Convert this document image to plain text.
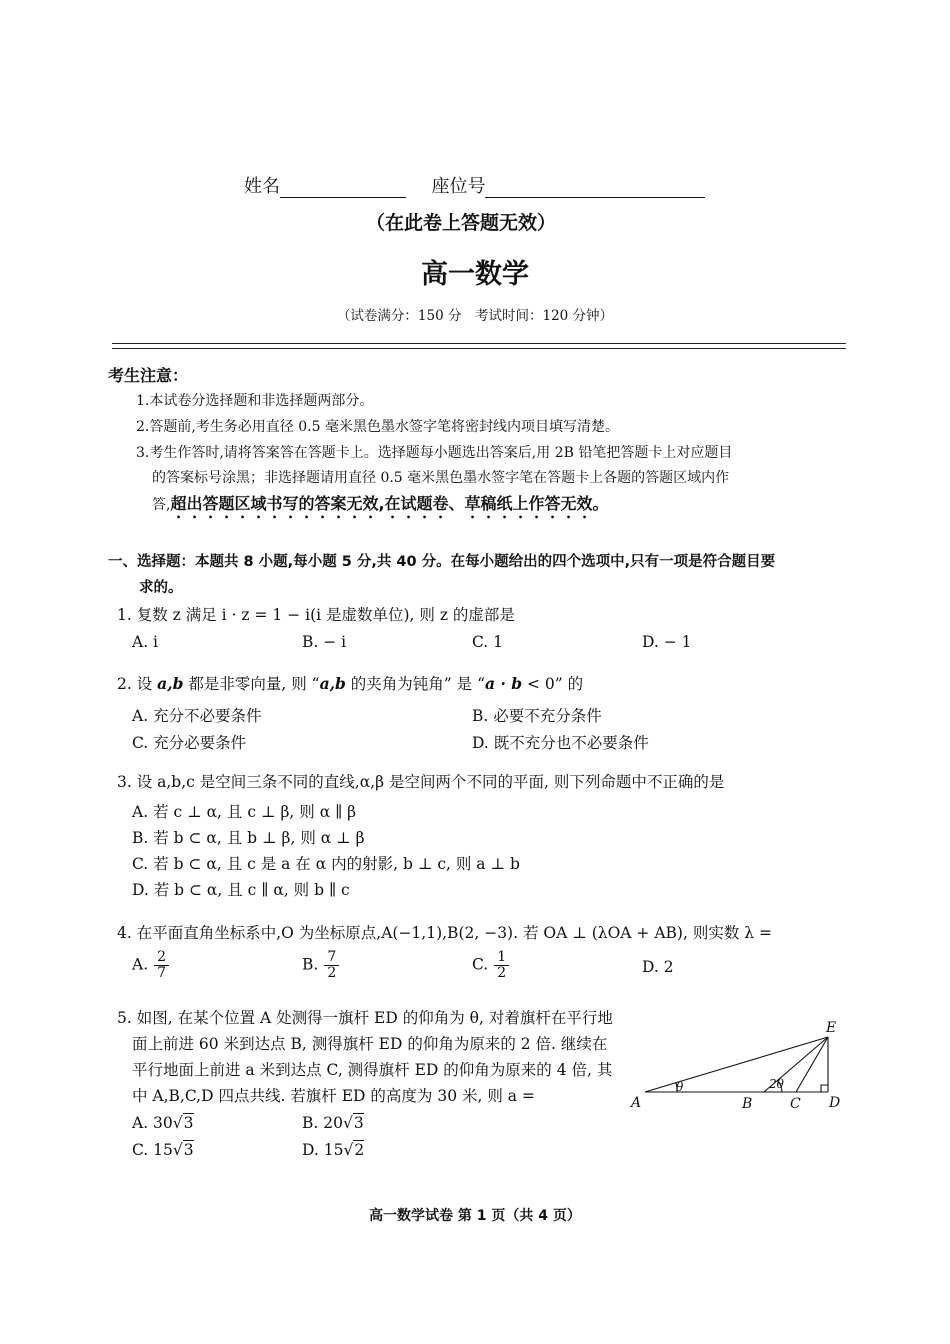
姓名	座位号
（在此卷上答题无效）
高一数学
（试卷满分：150 分　考试时间：120 分钟）
考生注意：
1.本试卷分选择题和非选择题两部分。
2.答题前,考生务必用直径 0.5 毫米黑色墨水签字笔将密封线内项目填写清楚。
3.考生作答时,请将答案答在答题卡上。选择题每小题选出答案后,用 2B 铅笔把答题卡上对应题目
的答案标号涂黑；非选择题请用直径 0.5 毫米黑色墨水签字笔在答题卡上各题的答题区域内作
答,超出答题区域书写的答案无效,在试题卷、草稿纸上作答无效。
一、选择题：本题共 8 小题,每小题 5 分,共 40 分。在每小题给出的四个选项中,只有一项是符合题目要
求的。
1. 复数 z 满足 i · z = 1 − i(i 是虚数单位), 则 z 的虚部是
A. i	B. − i	C. 1	D. − 1
2. 设 a,b 都是非零向量, 则 “a,b 的夹角为钝角” 是 “a · b < 0” 的
A. 充分不必要条件	B. 必要不充分条件
C. 充分必要条件	D. 既不充分也不必要条件
3. 设 a,b,c 是空间三条不同的直线,α,β 是空间两个不同的平面, 则下列命题中不正确的是
A. 若 c ⊥ α, 且 c ⊥ β, 则 α ∥ β
B. 若 b ⊂ α, 且 b ⊥ β, 则 α ⊥ β
C. 若 b ⊂ α, 且 c 是 a 在 α 内的射影, b ⊥ c, 则 a ⊥ b
D. 若 b ⊂ α, 且 c ∥ α, 则 b ∥ c
4. 在平面直角坐标系中,O 为坐标原点,A(−1,1),B(2, −3). 若 OA ⊥ (λOA + AB), 则实数 λ =
A. $\frac{2}{7}$	B. $\frac{7}{2}$	C. $\frac{1}{2}$	D. 2
5. 如图, 在某个位置 A 处测得一旗杆 ED 的仰角为 θ, 对着旗杆在平行地
面上前进 60 米到达点 B, 测得旗杆 ED 的仰角为原来的 2 倍. 继续在
平行地面上前进 a 米到达点 C, 测得旗杆 ED 的仰角为原来的 4 倍, 其
中 A,B,C,D 四点共线. 若旗杆 ED 的高度为 30 米, 则 a =
A. 30√3	B. 20√3
C. 15√3	D. 15√2
E
A	B	C D
θ	2θ
高一数学试卷 第 1 页（共 4 页）
